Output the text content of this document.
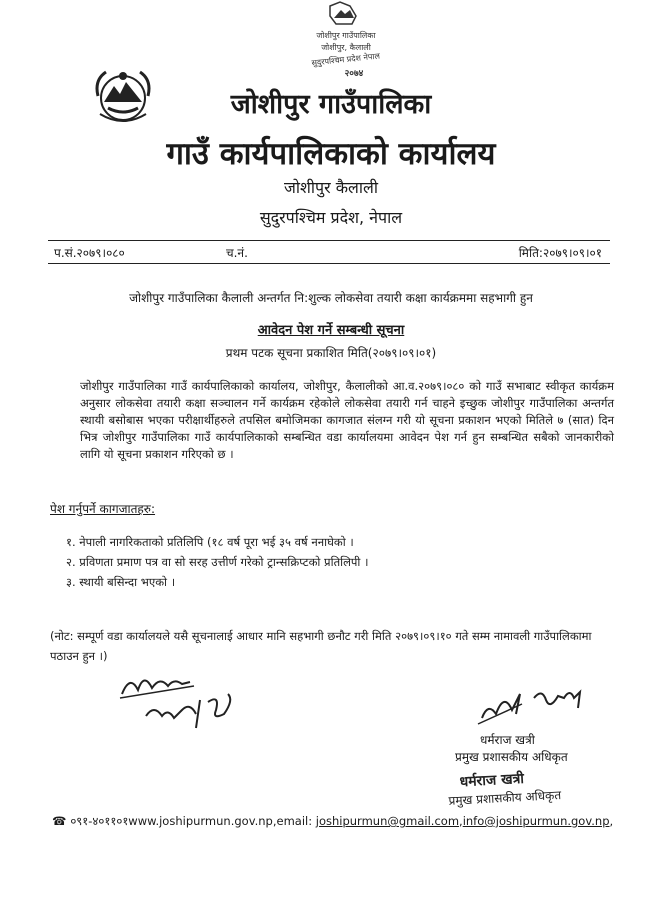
जोशीपुर गाउँपालिका
जोशीपुर, कैलाली
सुदुरपश्चिम प्रदेश नेपाल
२०७४
जोशीपुर गाउँपालिका
गाउँ कार्यपालिकाको कार्यालय
जोशीपुर कैलाली
सुदुरपश्चिम प्रदेश, नेपाल
प.सं.२०७९।०८०	च.नं.	मिति:२०७९।०९।०१
जोशीपुर गाउँपालिका कैलाली अन्तर्गत नि:शुल्क लोकसेवा तयारी कक्षा कार्यक्रममा सहभागी हुन
आवेदन पेश गर्ने सम्बन्धी सूचना
प्रथम पटक सूचना प्रकाशित मिति(२०७९।०९।०१)
जोशीपुर गाउँपालिका गाउँ कार्यपालिकाको कार्यालय, जोशीपुर, कैलालीको आ.व.२०७९।०८० को गाउँ सभाबाट स्वीकृत कार्यक्रम अनुसार लोकसेवा तयारी कक्षा सञ्चालन गर्ने कार्यक्रम रहेकोले लोकसेवा तयारी गर्न चाहने इच्छुक जोशीपुर गाउँपालिका अन्तर्गत स्थायी बसोबास भएका परीक्षार्थीहरुले तपसिल बमोजिमका कागजात संलग्न गरी यो सूचना प्रकाशन भएको मितिले ७ (सात) दिन भित्र जोशीपुर गाउँपालिका गाउँ कार्यपालिकाको सम्बन्धित वडा कार्यालयमा आवेदन पेश गर्न हुन सम्बन्धित सबैको जानकारीको लागि यो सूचना प्रकाशन गरिएको छ ।
पेश गर्नुपर्ने कागजातहरु:
१. नेपाली नागरिकताको प्रतिलिपि (१८ वर्ष पूरा भई ३५ वर्ष ननाघेको ।
२. प्रविणता प्रमाण पत्र वा सो सरह उत्तीर्ण गरेको ट्रान्सक्रिप्टको प्रतिलिपी ।
३. स्थायी बसिन्दा भएको ।
(नोट: सम्पूर्ण वडा कार्यालयले यसै सूचनालाई आधार मानि सहभागी छनौट गरी मिति २०७९।०९।१० गते सम्म नामावली गाउँपालिकामा पठाउन हुन ।)
धर्मराज खत्री
प्रमुख प्रशासकीय अधिकृत
धर्मराज खत्री
प्रमुख प्रशासकीय अधिकृत
☎ ०९१-४०११०१www.joshipurmun.gov.np,email: joshipurmun@gmail.com,info@joshipurmun.gov.np,
